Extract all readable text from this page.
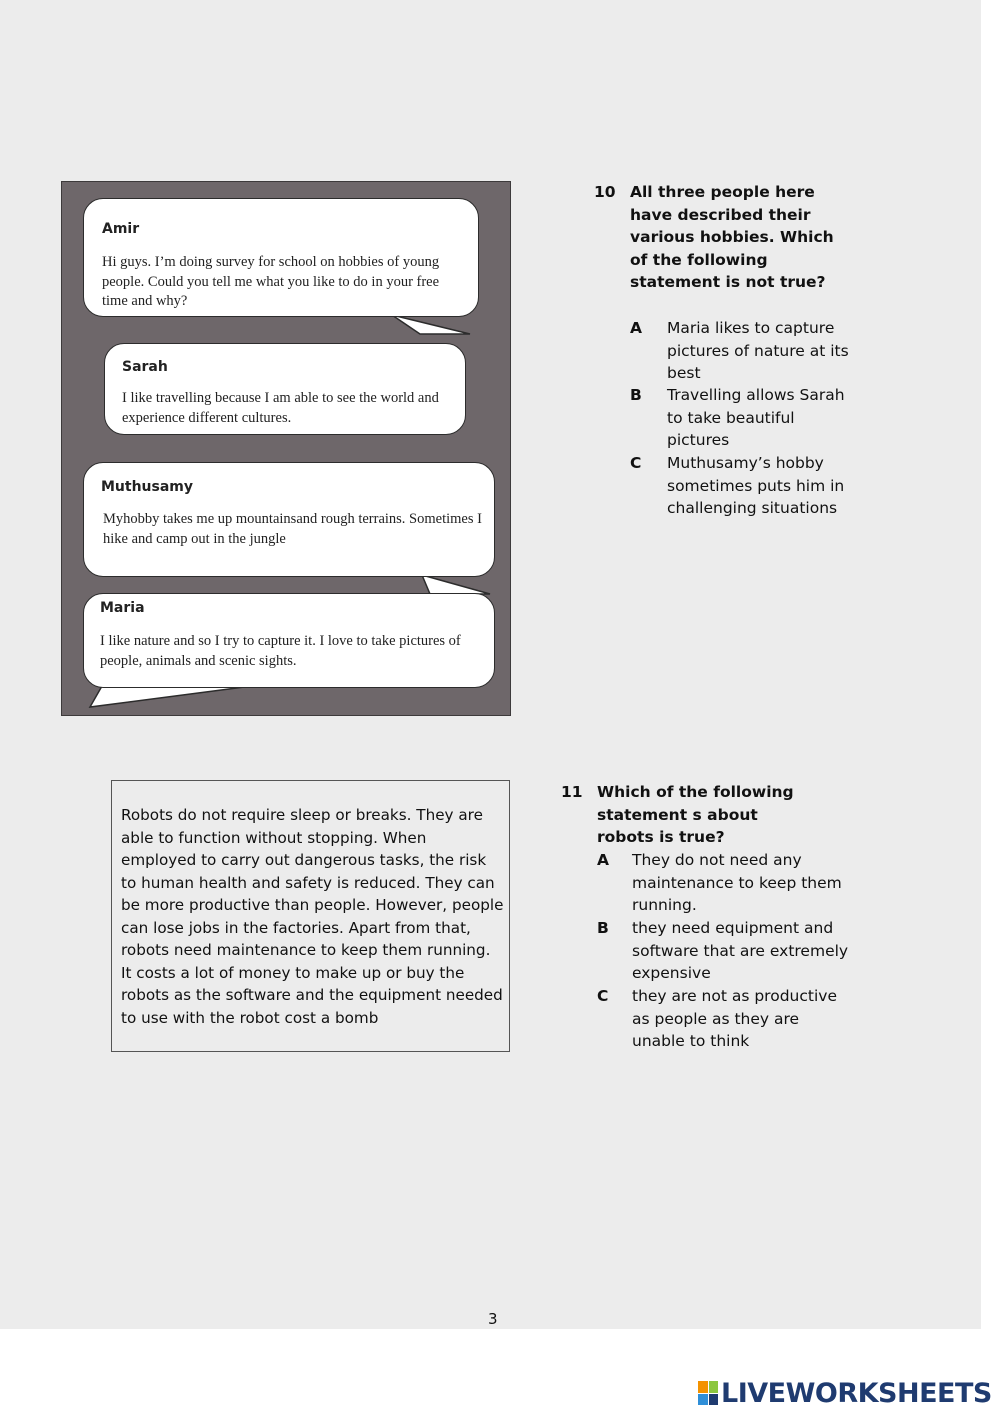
Amir
Hi guys. I’m doing survey for school on hobbies of young people. Could you tell me what you like to do in your free time and why?
Sarah
I like travelling because I am able to see the world and experience different cultures.
Muthusamy
Myhobby takes me up mountainsand rough terrains. Sometimes I hike and camp out in the jungle
Maria
I like nature and so I try to capture it. I love to take pictures of people, animals and scenic sights.
10 All three people here have described their various hobbies. Which of the following statement is not true?
A Maria likes to capture pictures of nature at its best
B Travelling allows Sarah to take beautiful pictures
C Muthusamy’s hobby sometimes puts him in challenging situations
Robots do not require sleep or breaks. They are able to function without stopping. When employed to carry out dangerous tasks, the risk to human health and safety is reduced. They can be more productive than people. However, people can lose jobs in the factories. Apart from that, robots need maintenance to keep them running. It costs a lot of money to make up or buy the robots as the software and the equipment needed to use with the robot cost a bomb
11 Which of the following statement s about robots is true?
A They do not need any maintenance to keep them running.
B they need equipment and software that are extremely expensive
C they are not as productive as people as they are unable to think
3
LIVEWORKSHEETS
